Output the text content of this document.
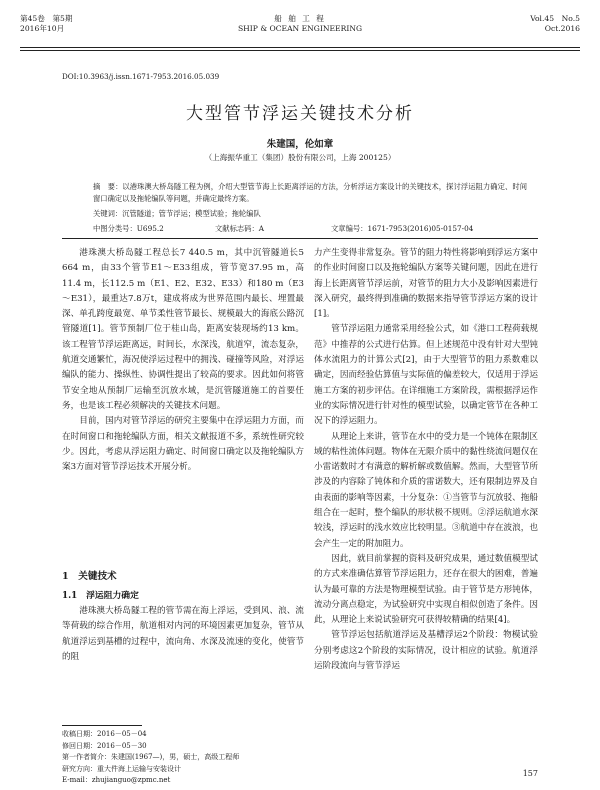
第45卷　第5期
2016年10月
船 舶 工 程
SHIP & OCEAN ENGINEERING
Vol.45　No.5
Oct.2016
DOI:10.3963/j.issn.1671-7953.2016.05.039
大型管节浮运关键技术分析
朱建国，伦如章
（上海振华重工（集团）股份有限公司，上海 200125）
摘　要：以港珠澳大桥岛隧工程为例，介绍大型管节海上长距离浮运的方法，分析浮运方案设计的关键技术，探讨浮运阻力确定、时间窗口确定以及拖轮编队等问题，并确定最终方案。
关键词：沉管隧道；管节浮运；模型试验；拖轮编队
中图分类号：U695.2	文献标志码：A	文章编号：1671-7953(2016)05-0157-04

港珠澳大桥岛隧工程总长7 440.5 m，其中沉管隧道长5 664 m，由33个管节E1～E33组成，管节宽37.95 m，高11.4 m，长112.5 m（E1、E2、E32、E33）和180 m（E3～E31），最重达7.8万t，建成将成为世界范围内最长、埋置最深、单孔跨度最宽、单节柔性管节最长、规模最大的海底公路沉管隧道[1]。管节预制厂位于桂山岛，距离安装现场约13 km。该工程管节浮运距离远，时间长，水深浅，航道窄，流态复杂，航道交通繁忙，海况使浮运过程中的拥浅、碰撞等风险，对浮运编队的能力、操纵性、协调性提出了较高的要求。因此如何将管节安全地从预制厂运输至沉放水域，是沉管隧道施工的首要任务，也是该工程必须解决的关键技术问题。

目前，国内对管节浮运的研究主要集中在浮运阻力方面，而在时间窗口和拖轮编队方面，相关文献报道不多，系统性研究较少。因此，考虑从浮运阻力确定、时间窗口确定以及拖轮编队方案3方面对管节浮运技术开展分析。

1　关键技术
1.1　浮运阻力确定

港珠澳大桥岛隧工程的管节需在海上浮运，受到风、浪、流等荷载的综合作用，航道相对内河的环境因素更加复杂，管节从航道浮运到基槽的过程中，流向角、水深及流速的变化，使管节的阻

收稿日期：2016－05－04
修回日期：2016－05－30
第一作者简介：朱建国(1967—)，男，硕士，高级工程师
研究方向：重大件海上运输与安装设计
E-mail：zhujianguo@zpmc.net

力产生变得非常复杂。管节的阻力特性将影响到浮运方案中的作业时间窗口以及拖轮编队方案等关键问题，因此在进行海上长距离管节浮运前，对管节的阻力大小及影响因素进行深入研究，最终得到准确的数据来指导管节浮运方案的设计[1]。

管节浮运阻力通常采用经验公式，如《港口工程荷载规范》中推荐的公式进行估算。但上述规范中没有针对大型钝体水流阻力的计算公式[2]，由于大型管节的阻力系数难以确定，因而经验估算值与实际值的偏差较大，仅适用于浮运施工方案的初步评估。在详细施工方案阶段，需根据浮运作业的实际情况进行针对性的模型试验，以确定管节在各种工况下的浮运阻力。

从理论上来讲，管节在水中的受力是一个钝体在限制区域的粘性流体问题。物体在无限介质中的黏性绕流问题仅在小雷诺数时才有满意的解析解或数值解。然而，大型管节所涉及的内容除了钝体和介质的雷诺数大，还有限制边界及自由表面的影响等因素，十分复杂：①当管节与沉放驳、拖船组合在一起时，整个编队的形状极不规则。②浮运航道水深较浅，浮运时的浅水效应比较明显。③航道中存在波浪，也会产生一定的附加阻力。

因此，就目前掌握的资料及研究成果，通过数值模型试的方式来准确估算管节浮运阻力，还存在很大的困难，普遍认为最可靠的方法是物理模型试验。由于管节是方形钝体，流动分离点稳定，为试验研究中实现自相似创造了条件。因此，从理论上来说试验研究可获得较精确的结果[4]。

管节浮运包括航道浮运及基槽浮运2个阶段：物模试验分别考虑这2个阶段的实际情况，设计相应的试验。航道浮运阶段流向与管节浮运

157
